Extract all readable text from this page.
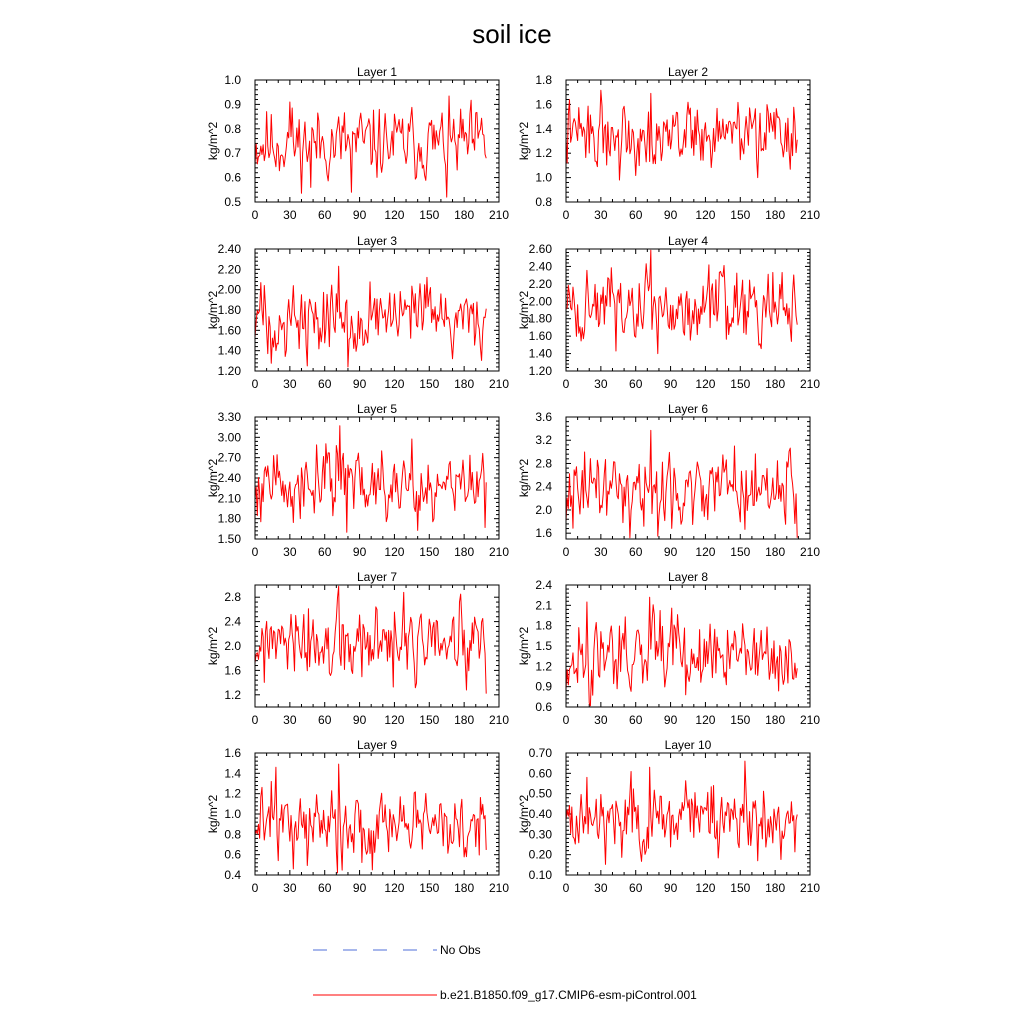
soil ice
Layer 1
kg/m^2
0 30 60 90 120 150 180 210
0.5
0.6
0.7
0.8
0.9
1.0
Layer 2
kg/m^2
0 30 60 90 120 150 180 210
0.8
1.0
1.2
1.4
1.6
1.8
Layer 3
kg/m^2
0 30 60 90 120 150 180 210
1.20
1.40
1.60
1.80
2.00
2.20
2.40
Layer 4
kg/m^2
0 30 60 90 120 150 180 210
1.20
1.40
1.60
1.80
2.00
2.20
2.40
2.60
Layer 5
kg/m^2
0 30 60 90 120 150 180 210
1.50
1.80
2.10
2.40
2.70
3.00
3.30
Layer 6
kg/m^2
0 30 60 90 120 150 180 210
1.6
2.0
2.4
2.8
3.2
3.6
Layer 7
kg/m^2
0 30 60 90 120 150 180 210
1.2
1.6
2.0
2.4
2.8
Layer 8
kg/m^2
0 30 60 90 120 150 180 210
0.6
0.9
1.2
1.5
1.8
2.1
2.4
Layer 9
kg/m^2
0 30 60 90 120 150 180 210
0.4
0.6
0.8
1.0
1.2
1.4
1.6
Layer 10
kg/m^2
0 30 60 90 120 150 180 210
0.10
0.20
0.30
0.40
0.50
0.60
0.70
No Obs
b.e21.B1850.f09_g17.CMIP6-esm-piControl.001
